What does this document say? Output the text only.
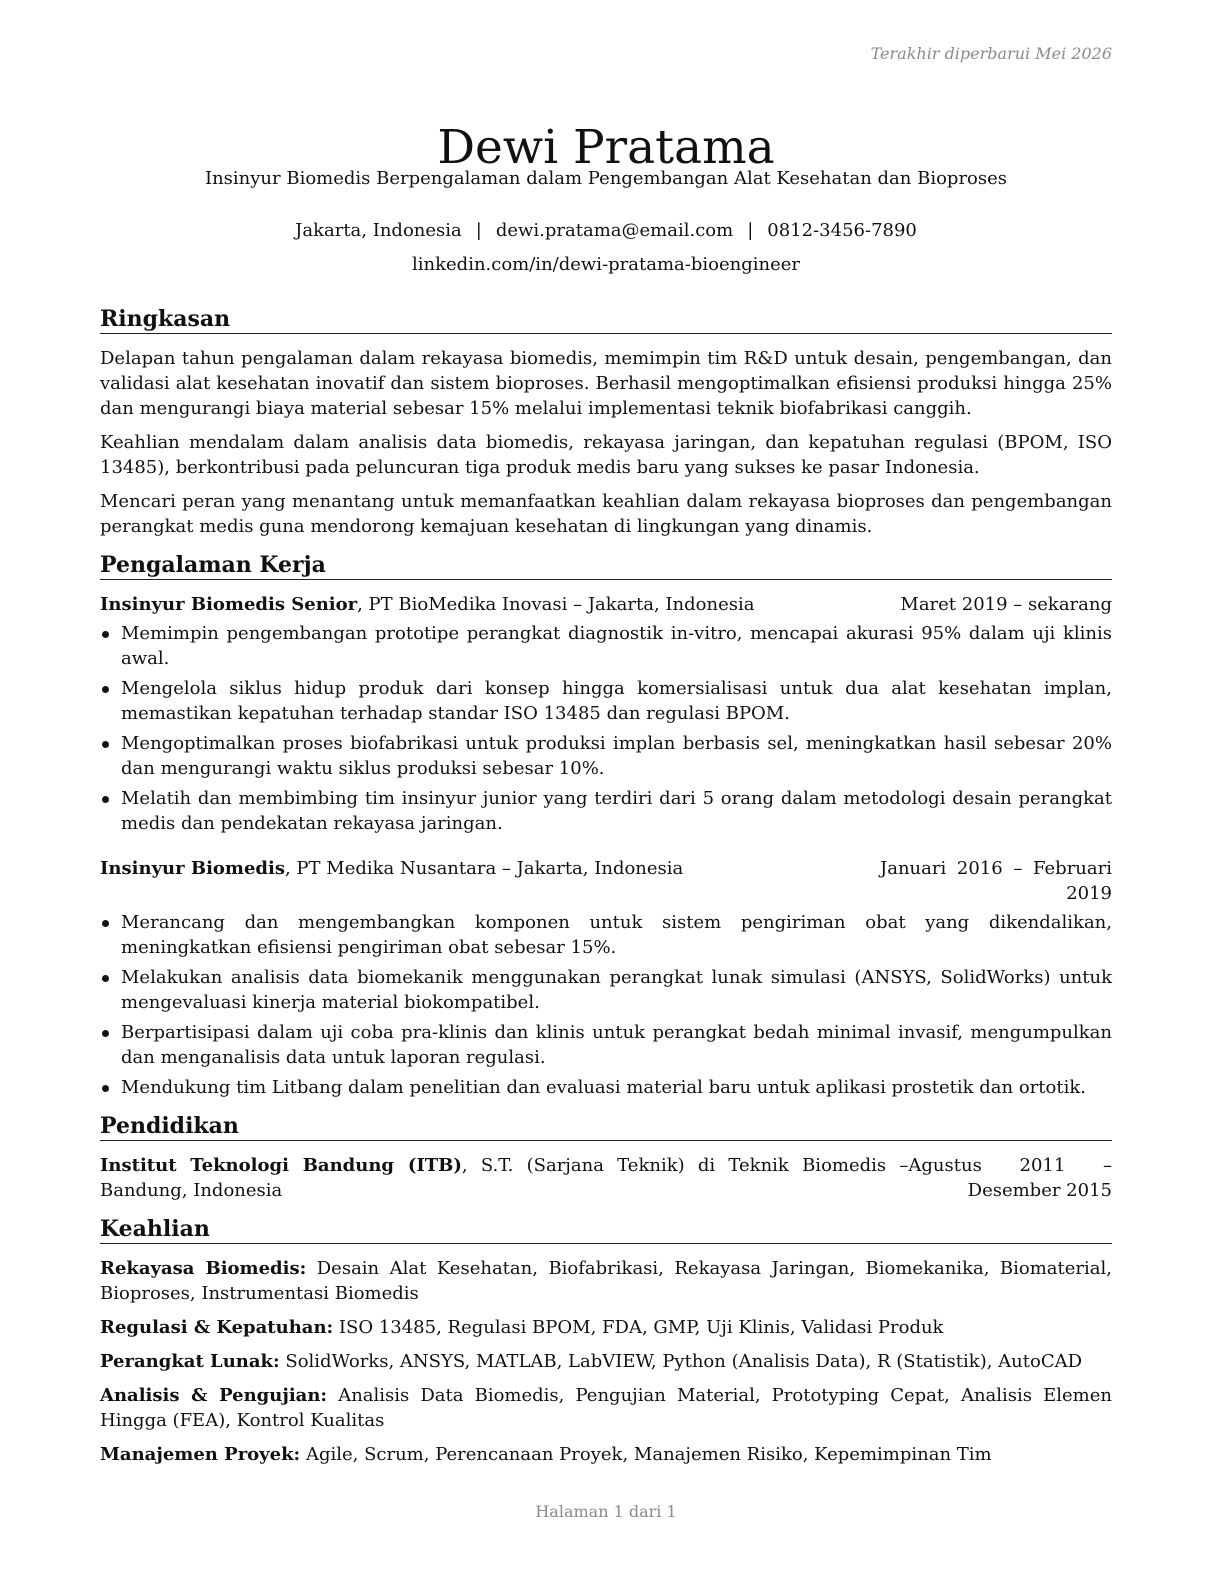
Terakhir diperbarui Mei 2026
Dewi Pratama
Insinyur Biomedis Berpengalaman dalam Pengembangan Alat Kesehatan dan Bioproses
Jakarta, Indonesia | dewi.pratama@email.com | 0812-3456-7890
linkedin.com/in/dewi-pratama-bioengineer
Ringkasan

Delapan tahun pengalaman dalam rekayasa biomedis, memimpin tim R&D untuk desain, pengembangan, dan validasi alat kesehatan inovatif dan sistem bioproses. Berhasil mengoptimalkan efisiensi produksi hingga 25% dan mengurangi biaya material sebesar 15% melalui implementasi teknik biofabrikasi canggih.

Keahlian mendalam dalam analisis data biomedis, rekayasa jaringan, dan kepatuhan regulasi (BPOM, ISO 13485), berkontribusi pada peluncuran tiga produk medis baru yang sukses ke pasar Indonesia.

Mencari peran yang menantang untuk memanfaatkan keahlian dalam rekayasa bioproses dan pengembangan perangkat medis guna mendorong kemajuan kesehatan di lingkungan yang dinamis.

Pengalaman Kerja
Insinyur Biomedis Senior, PT BioMedika Inovasi – Jakarta, Indonesia	Maret 2019 – sekarang
Memimpin pengembangan prototipe perangkat diagnostik in-vitro, mencapai akurasi 95% dalam uji klinis awal.
Mengelola siklus hidup produk dari konsep hingga komersialisasi untuk dua alat kesehatan implan, memastikan kepatuhan terhadap standar ISO 13485 dan regulasi BPOM.
Mengoptimalkan proses biofabrikasi untuk produksi implan berbasis sel, meningkatkan hasil sebesar 20% dan mengurangi waktu siklus produksi sebesar 10%.
Melatih dan membimbing tim insinyur junior yang terdiri dari 5 orang dalam metodologi desain perangkat medis dan pendekatan rekayasa jaringan.
Insinyur Biomedis, PT Medika Nusantara – Jakarta, Indonesia	Januari 2016 – Februari 2019
Merancang dan mengembangkan komponen untuk sistem pengiriman obat yang dikendalikan, meningkatkan efisiensi pengiriman obat sebesar 15%.
Melakukan analisis data biomekanik menggunakan perangkat lunak simulasi (ANSYS, SolidWorks) untuk mengevaluasi kinerja material biokompatibel.
Berpartisipasi dalam uji coba pra-klinis dan klinis untuk perangkat bedah minimal invasif, mengumpulkan dan menganalisis data untuk laporan regulasi.
Mendukung tim Litbang dalam penelitian dan evaluasi material baru untuk aplikasi prostetik dan ortotik.
Pendidikan
Institut Teknologi Bandung (ITB), S.T. (Sarjana Teknik) di Teknik Biomedis – Bandung, Indonesia
Agustus 2011 – Desember 2015
Keahlian
Rekayasa Biomedis: Desain Alat Kesehatan, Biofabrikasi, Rekayasa Jaringan, Biomekanika, Biomaterial, Bioproses, Instrumentasi Biomedis
Regulasi & Kepatuhan: ISO 13485, Regulasi BPOM, FDA, GMP, Uji Klinis, Validasi Produk
Perangkat Lunak: SolidWorks, ANSYS, MATLAB, LabVIEW, Python (Analisis Data), R (Statistik), AutoCAD
Analisis & Pengujian: Analisis Data Biomedis, Pengujian Material, Prototyping Cepat, Analisis Elemen Hingga (FEA), Kontrol Kualitas
Manajemen Proyek: Agile, Scrum, Perencanaan Proyek, Manajemen Risiko, Kepemimpinan Tim
Halaman 1 dari 1
